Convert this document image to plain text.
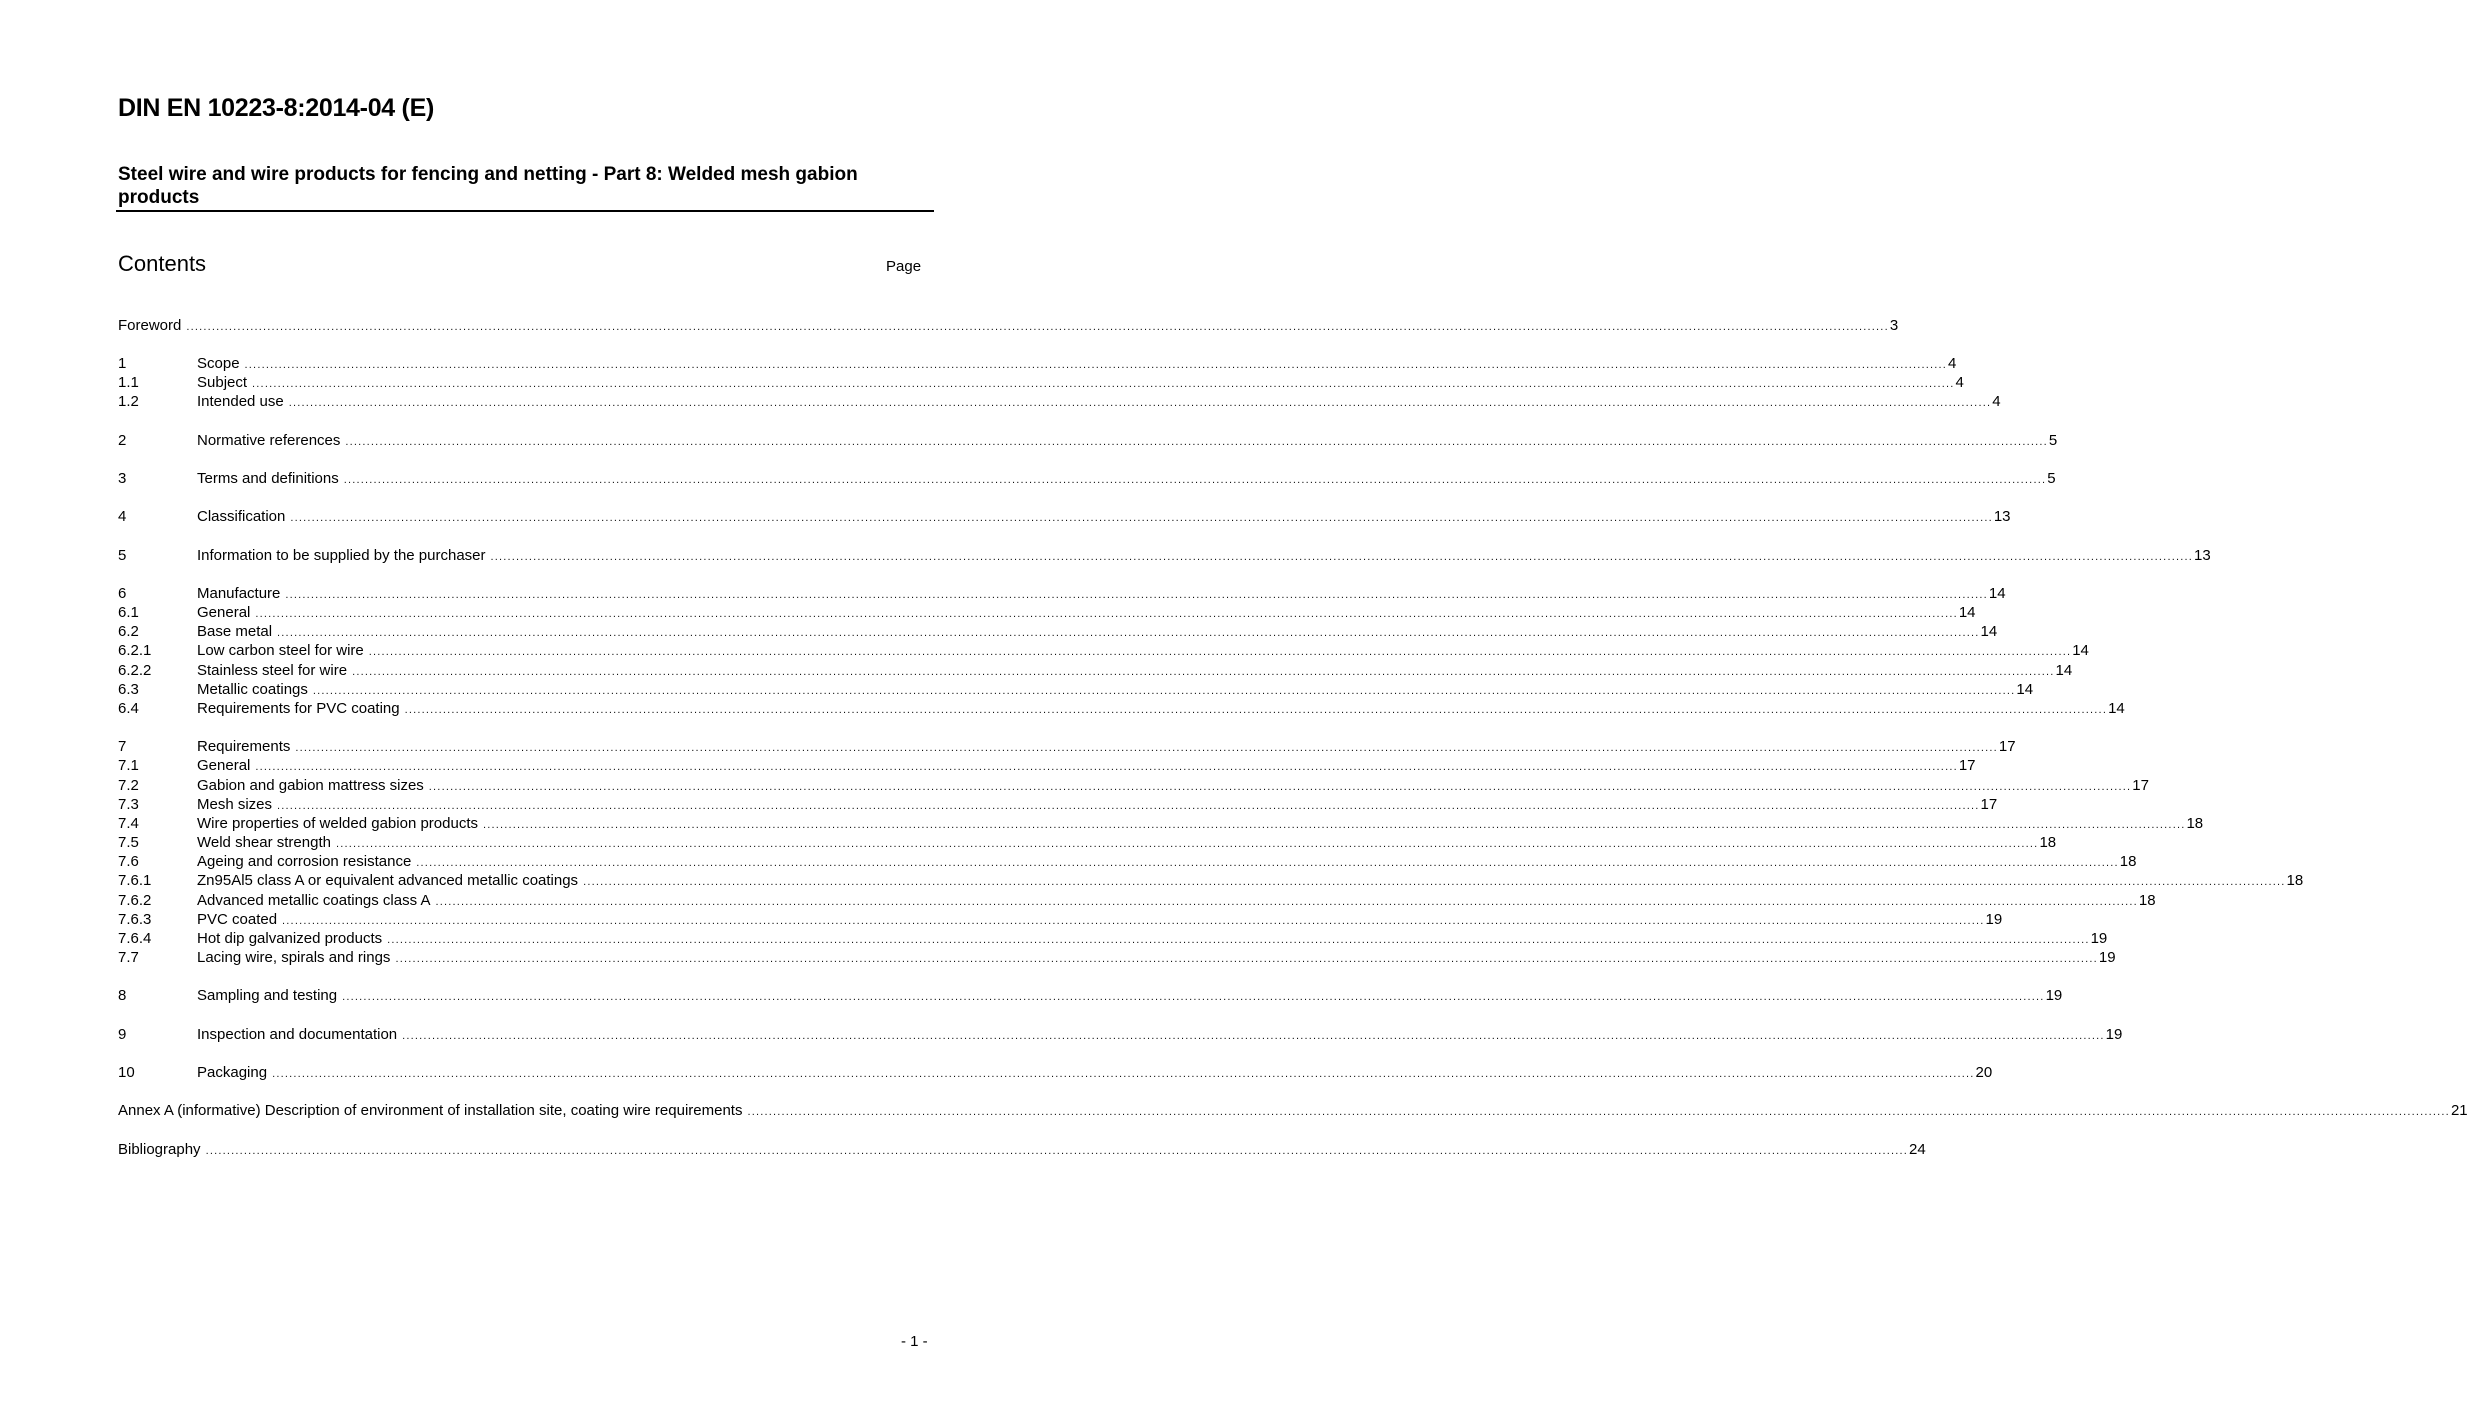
DIN EN 10223-8:2014-04 (E)
Steel wire and wire products for fencing and netting - Part 8: Welded mesh gabion products
Contents	Page
Foreword ................................................................................................................................................................................................................................................................................................................................................................................................................ 3
1	Scope ................................................................................................................................................................................................................................................................................................................................................................................................................ 4
1.1	Subject ................................................................................................................................................................................................................................................................................................................................................................................................................ 4
1.2	Intended use ................................................................................................................................................................................................................................................................................................................................................................................................................ 4
2	Normative references ................................................................................................................................................................................................................................................................................................................................................................................................................ 5
3	Terms and definitions ................................................................................................................................................................................................................................................................................................................................................................................................................ 5
4	Classification ................................................................................................................................................................................................................................................................................................................................................................................................................ 13
5	Information to be supplied by the purchaser ................................................................................................................................................................................................................................................................................................................................................................................................................ 13
6	Manufacture ................................................................................................................................................................................................................................................................................................................................................................................................................ 14
6.1	General ................................................................................................................................................................................................................................................................................................................................................................................................................ 14
6.2	Base metal ................................................................................................................................................................................................................................................................................................................................................................................................................ 14
6.2.1	Low carbon steel for wire ................................................................................................................................................................................................................................................................................................................................................................................................................ 14
6.2.2	Stainless steel for wire ................................................................................................................................................................................................................................................................................................................................................................................................................ 14
6.3	Metallic coatings ................................................................................................................................................................................................................................................................................................................................................................................................................ 14
6.4	Requirements for PVC coating ................................................................................................................................................................................................................................................................................................................................................................................................................ 14
7	Requirements ................................................................................................................................................................................................................................................................................................................................................................................................................ 17
7.1	General ................................................................................................................................................................................................................................................................................................................................................................................................................ 17
7.2	Gabion and gabion mattress sizes ................................................................................................................................................................................................................................................................................................................................................................................................................ 17
7.3	Mesh sizes ................................................................................................................................................................................................................................................................................................................................................................................................................ 17
7.4	Wire properties of welded gabion products ................................................................................................................................................................................................................................................................................................................................................................................................................ 18
7.5	Weld shear strength ................................................................................................................................................................................................................................................................................................................................................................................................................ 18
7.6	Ageing and corrosion resistance ................................................................................................................................................................................................................................................................................................................................................................................................................ 18
7.6.1	Zn95Al5 class A or equivalent advanced metallic coatings ................................................................................................................................................................................................................................................................................................................................................................................................................ 18
7.6.2	Advanced metallic coatings class A ................................................................................................................................................................................................................................................................................................................................................................................................................ 18
7.6.3	PVC coated ................................................................................................................................................................................................................................................................................................................................................................................................................ 19
7.6.4	Hot dip galvanized products ................................................................................................................................................................................................................................................................................................................................................................................................................ 19
7.7	Lacing wire, spirals and rings ................................................................................................................................................................................................................................................................................................................................................................................................................ 19
8	Sampling and testing ................................................................................................................................................................................................................................................................................................................................................................................................................ 19
9	Inspection and documentation ................................................................................................................................................................................................................................................................................................................................................................................................................ 19
10	Packaging ................................................................................................................................................................................................................................................................................................................................................................................................................ 20
Annex A (informative) Description of environment of installation site, coating wire requirements ................................................................................................................................................................................................................................................................................................................................................................................................................ 21
Bibliography ................................................................................................................................................................................................................................................................................................................................................................................................................ 24
- 1 -
